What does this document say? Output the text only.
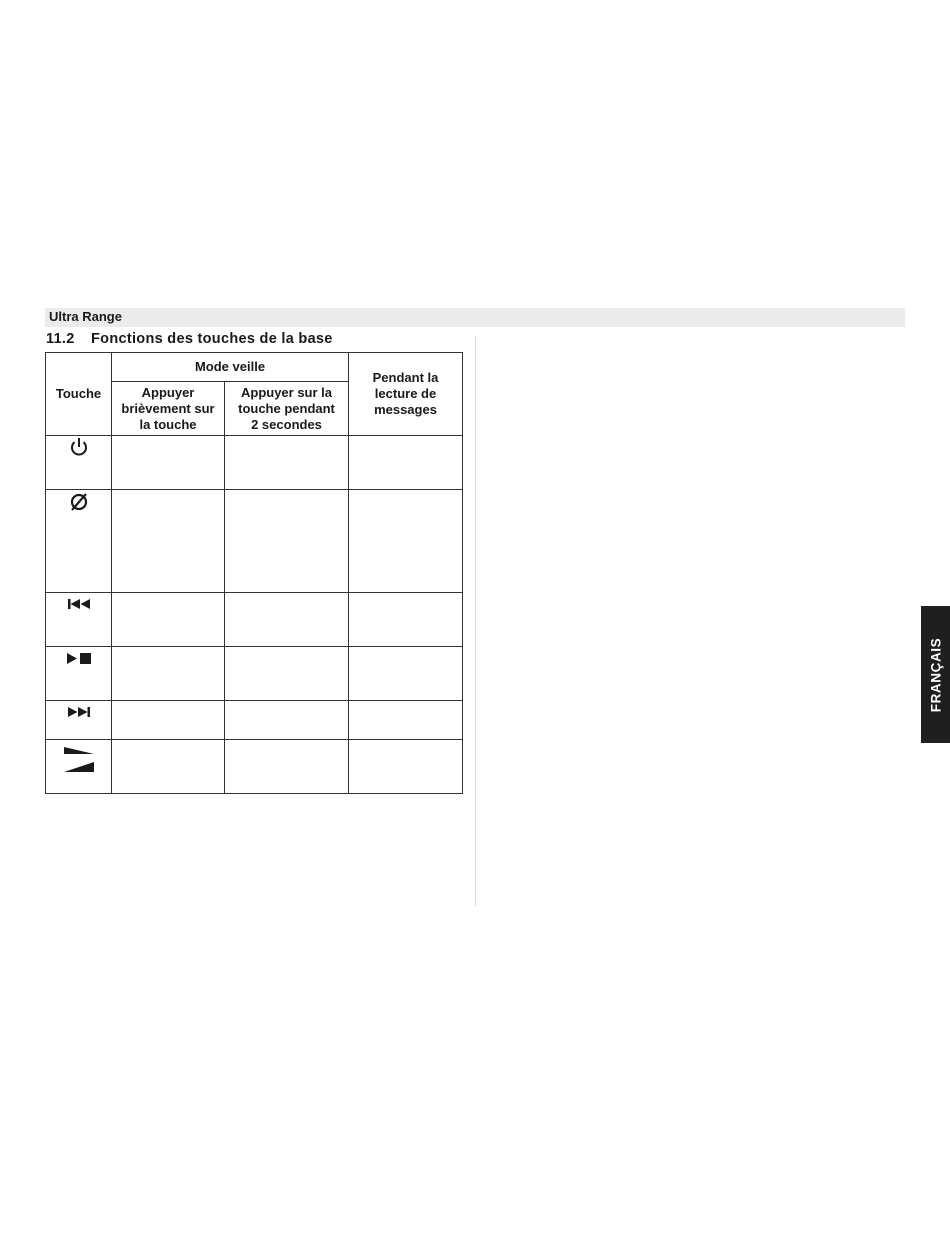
Ultra Range
11.2 Fonctions des touches de la base
FRANÇAIS
Touche	Mode veille		Pendant la lecture de messages
	Appuyer brièvement sur la touche	Appuyer sur la touche pendant 2 secondes	
